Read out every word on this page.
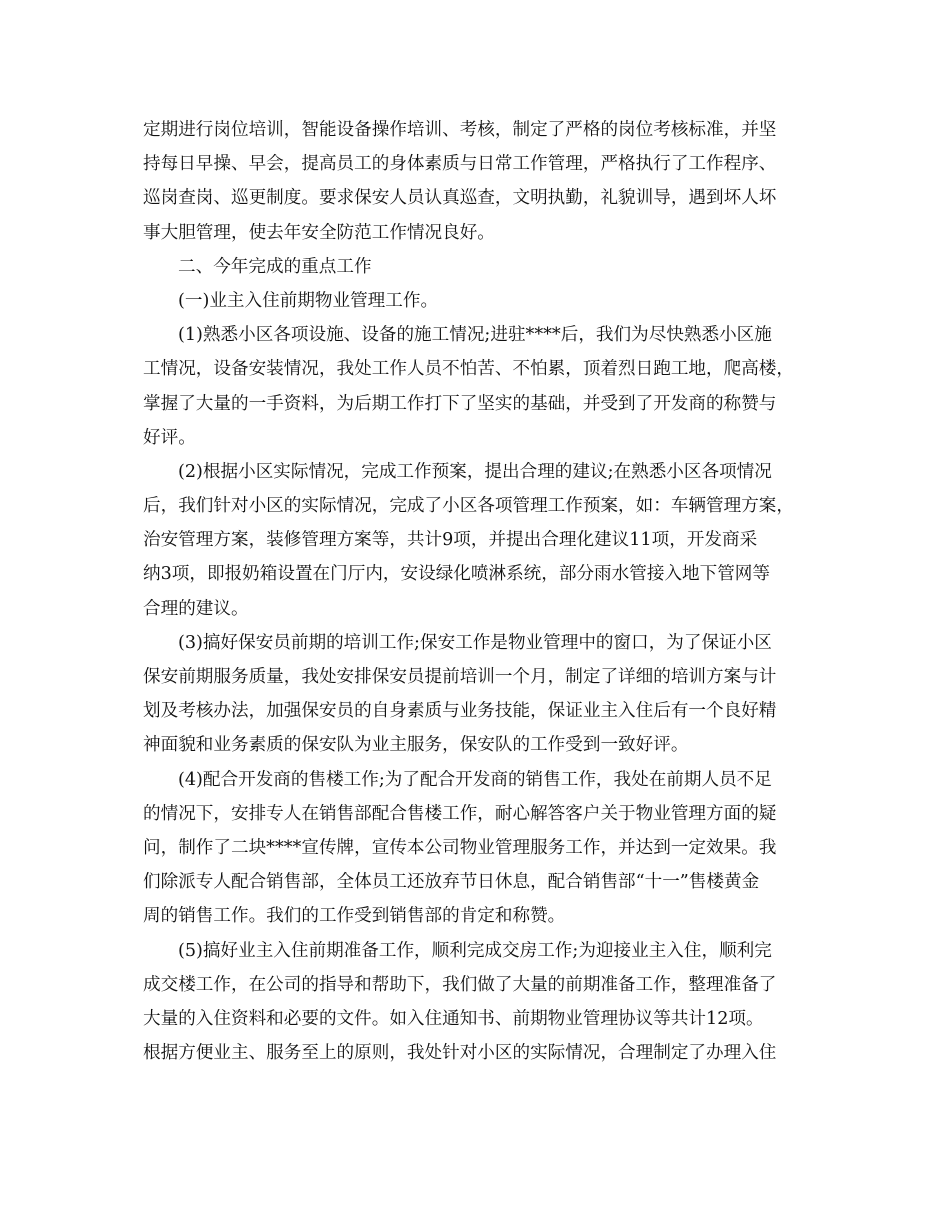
定期进行岗位培训，智能设备操作培训、考核，制定了严格的岗位考核标准，并坚
持每日早操、早会，提高员工的身体素质与日常工作管理，严格执行了工作程序、
巡岗查岗、巡更制度。要求保安人员认真巡查，文明执勤，礼貌训导，遇到坏人坏
事大胆管理，使去年安全防范工作情况良好。
二、今年完成的重点工作
(一)业主入住前期物业管理工作。
(1)熟悉小区各项设施、设备的施工情况;进驻****后，我们为尽快熟悉小区施
工情况，设备安装情况，我处工作人员不怕苦、不怕累，顶着烈日跑工地，爬高楼，
掌握了大量的一手资料，为后期工作打下了坚实的基础，并受到了开发商的称赞与
好评。
(2)根据小区实际情况，完成工作预案，提出合理的建议;在熟悉小区各项情况
后，我们针对小区的实际情况，完成了小区各项管理工作预案，如：车辆管理方案，
治安管理方案，装修管理方案等，共计9项，并提出合理化建议11项，开发商采
纳3项，即报奶箱设置在门厅内，安设绿化喷淋系统，部分雨水管接入地下管网等
合理的建议。
(3)搞好保安员前期的培训工作;保安工作是物业管理中的窗口，为了保证小区
保安前期服务质量，我处安排保安员提前培训一个月，制定了详细的培训方案与计
划及考核办法，加强保安员的自身素质与业务技能，保证业主入住后有一个良好精
神面貌和业务素质的保安队为业主服务，保安队的工作受到一致好评。
(4)配合开发商的售楼工作;为了配合开发商的销售工作，我处在前期人员不足
的情况下，安排专人在销售部配合售楼工作，耐心解答客户关于物业管理方面的疑
问，制作了二块****宣传牌，宣传本公司物业管理服务工作，并达到一定效果。我
们除派专人配合销售部，全体员工还放弃节日休息，配合销售部“十一”售楼黄金
周的销售工作。我们的工作受到销售部的肯定和称赞。
(5)搞好业主入住前期准备工作，顺利完成交房工作;为迎接业主入住，顺利完
成交楼工作，在公司的指导和帮助下，我们做了大量的前期准备工作，整理准备了
大量的入住资料和必要的文件。如入住通知书、前期物业管理协议等共计12项。
根据方便业主、服务至上的原则，我处针对小区的实际情况，合理制定了办理入住
